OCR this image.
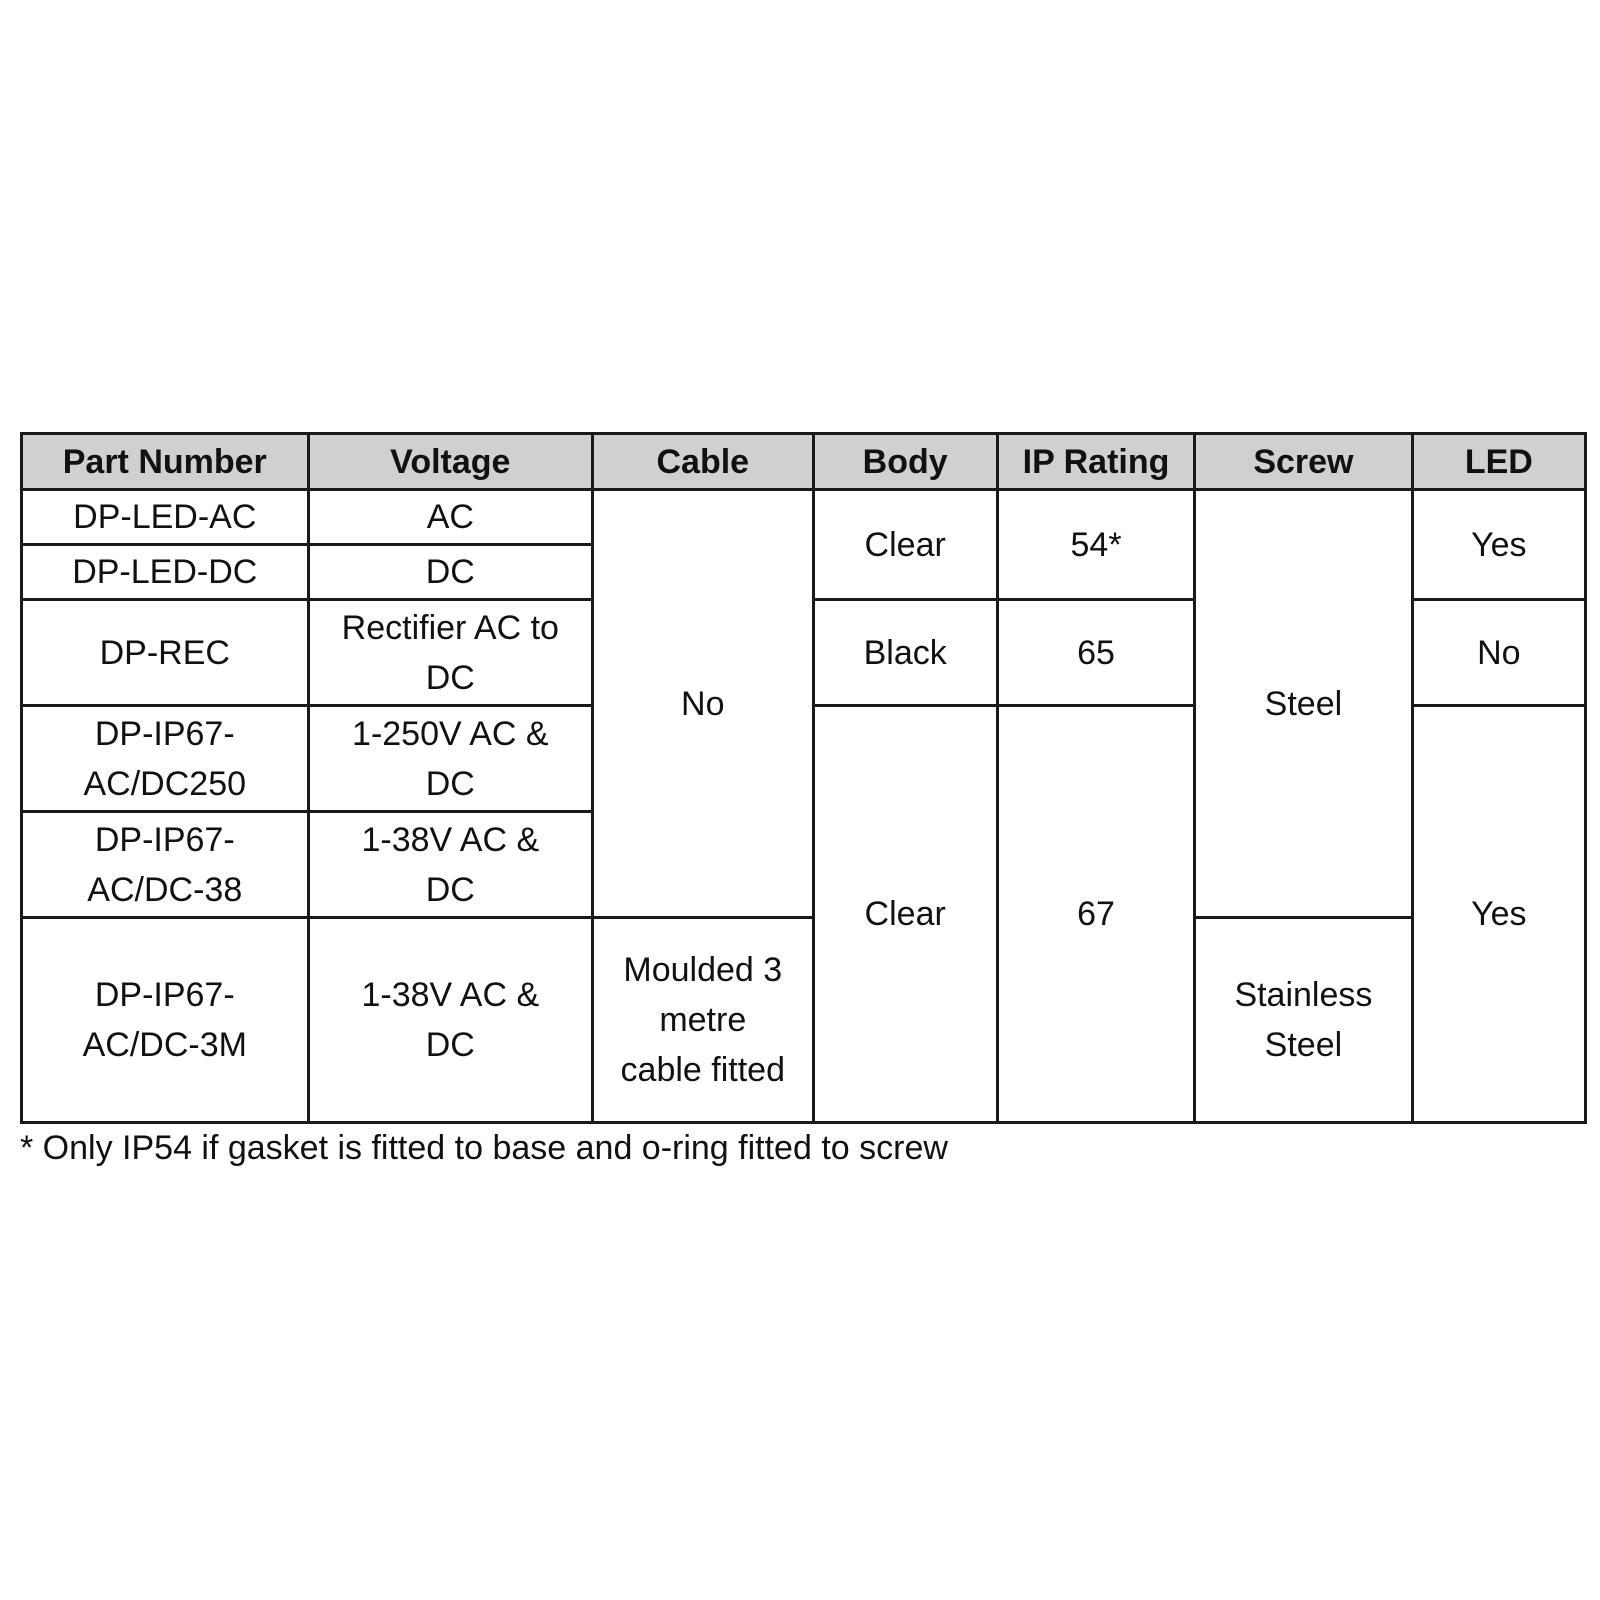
Part Number	Voltage	Cable	Body	IP Rating	Screw	LED
DP-LED-AC	AC	No	Clear	54*	Steel	Yes
DP-LED-DC	DC					
DP-REC	Rectifier AC to DC		Black	65		No
DP-IP67-AC/DC250	1-250V AC & DC		Clear	67		Yes
DP-IP67-AC/DC-38	1-38V AC & DC					
DP-IP67-AC/DC-3M	1-38V AC & DC	Moulded 3 metre cable fitted			Stainless Steel	

* Only IP54 if gasket is fitted to base and o-ring fitted to screw
